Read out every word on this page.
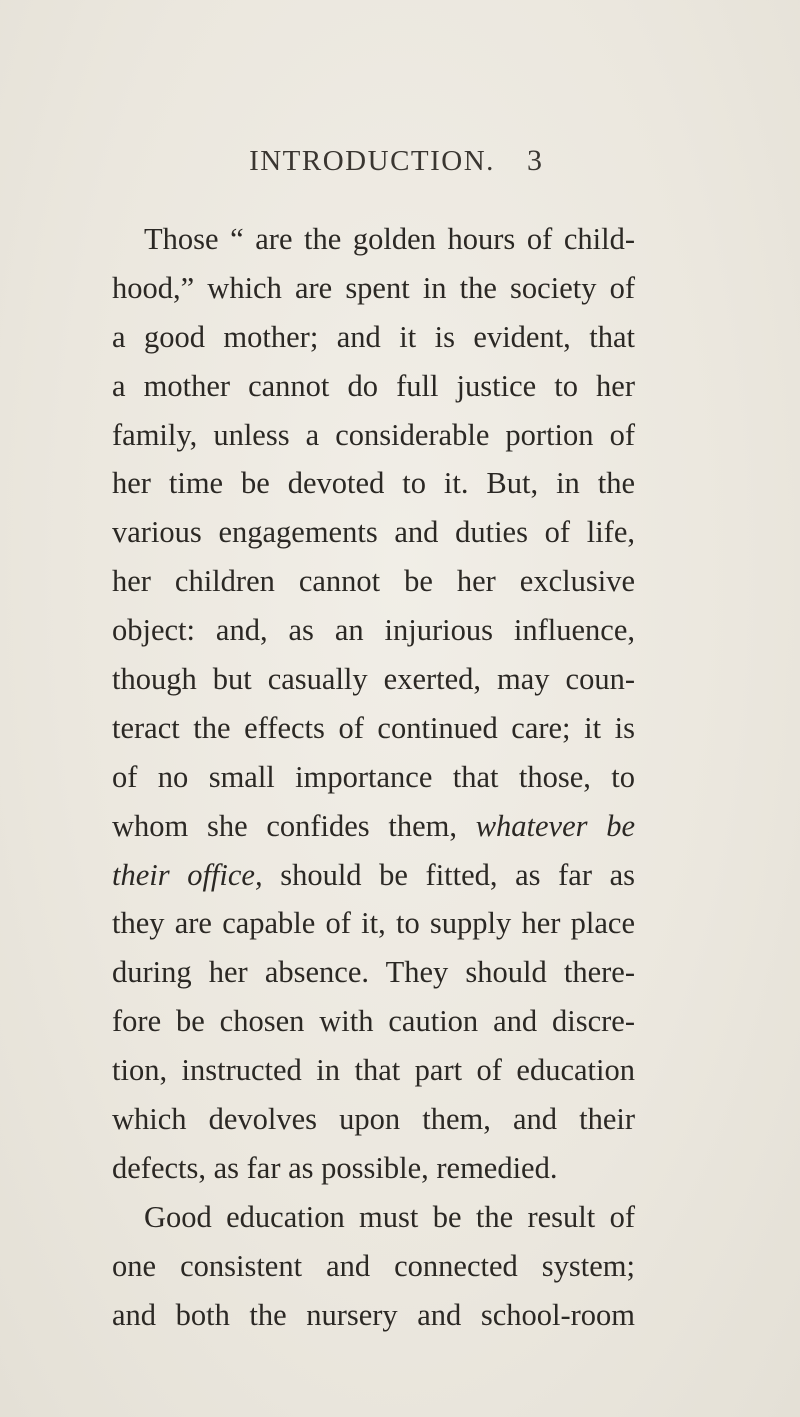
INTRODUCTION. 3
Those “ are the golden hours of child-
hood,” which are spent in the society of
a good mother; and it is evident, that
a mother cannot do full justice to her
family, unless a considerable portion of
her time be devoted to it. But, in the
various engagements and duties of life,
her children cannot be her exclusive
object: and, as an injurious influence,
though but casually exerted, may coun-
teract the effects of continued care; it is
of no small importance that those, to
whom she confides them, whatever be
their office, should be fitted, as far as
they are capable of it, to supply her place
during her absence. They should there-
fore be chosen with caution and discre-
tion, instructed in that part of education
which devolves upon them, and their
defects, as far as possible, remedied.
Good education must be the result of
one consistent and connected system;
and both the nursery and school-room
